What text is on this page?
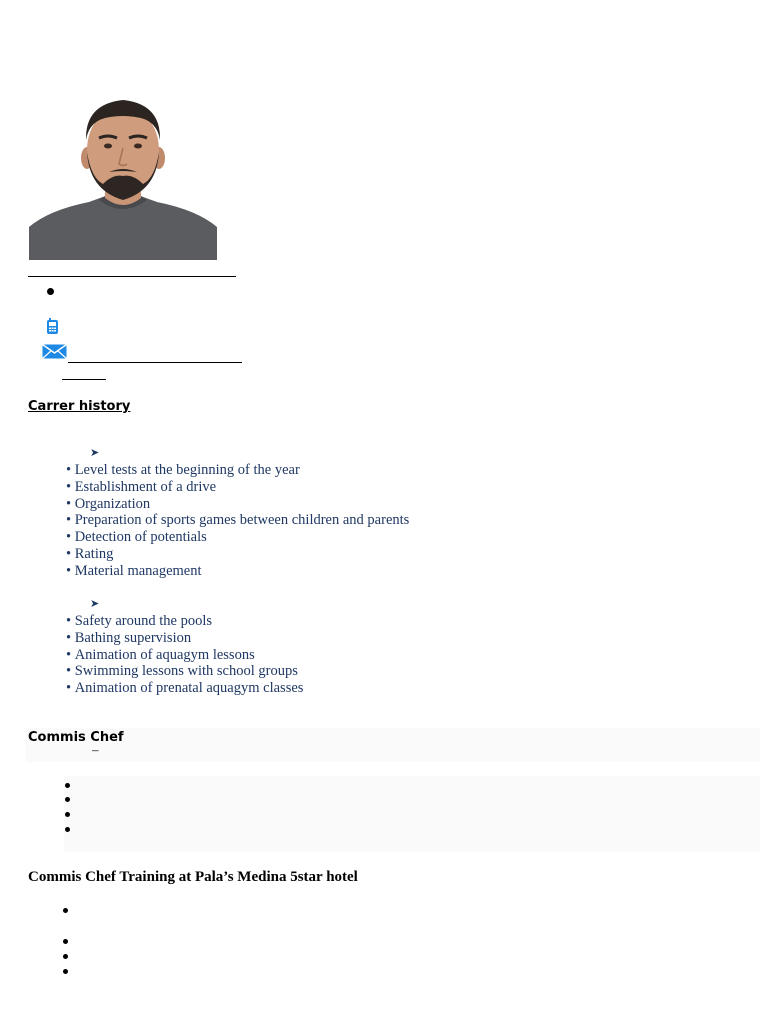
Carrer history
➤
• Level tests at the beginning of the year
• Establishment of a drive
• Organization
• Preparation of sports games between children and parents
• Detection of potentials
• Rating
• Material management
➤
• Safety around the pools
• Bathing supervision
• Animation of aquagym lessons
• Swimming lessons with school groups
• Animation of prenatal aquagym classes
Commis Chef
–
Commis Chef Training at Pala’s Medina 5star hotel
